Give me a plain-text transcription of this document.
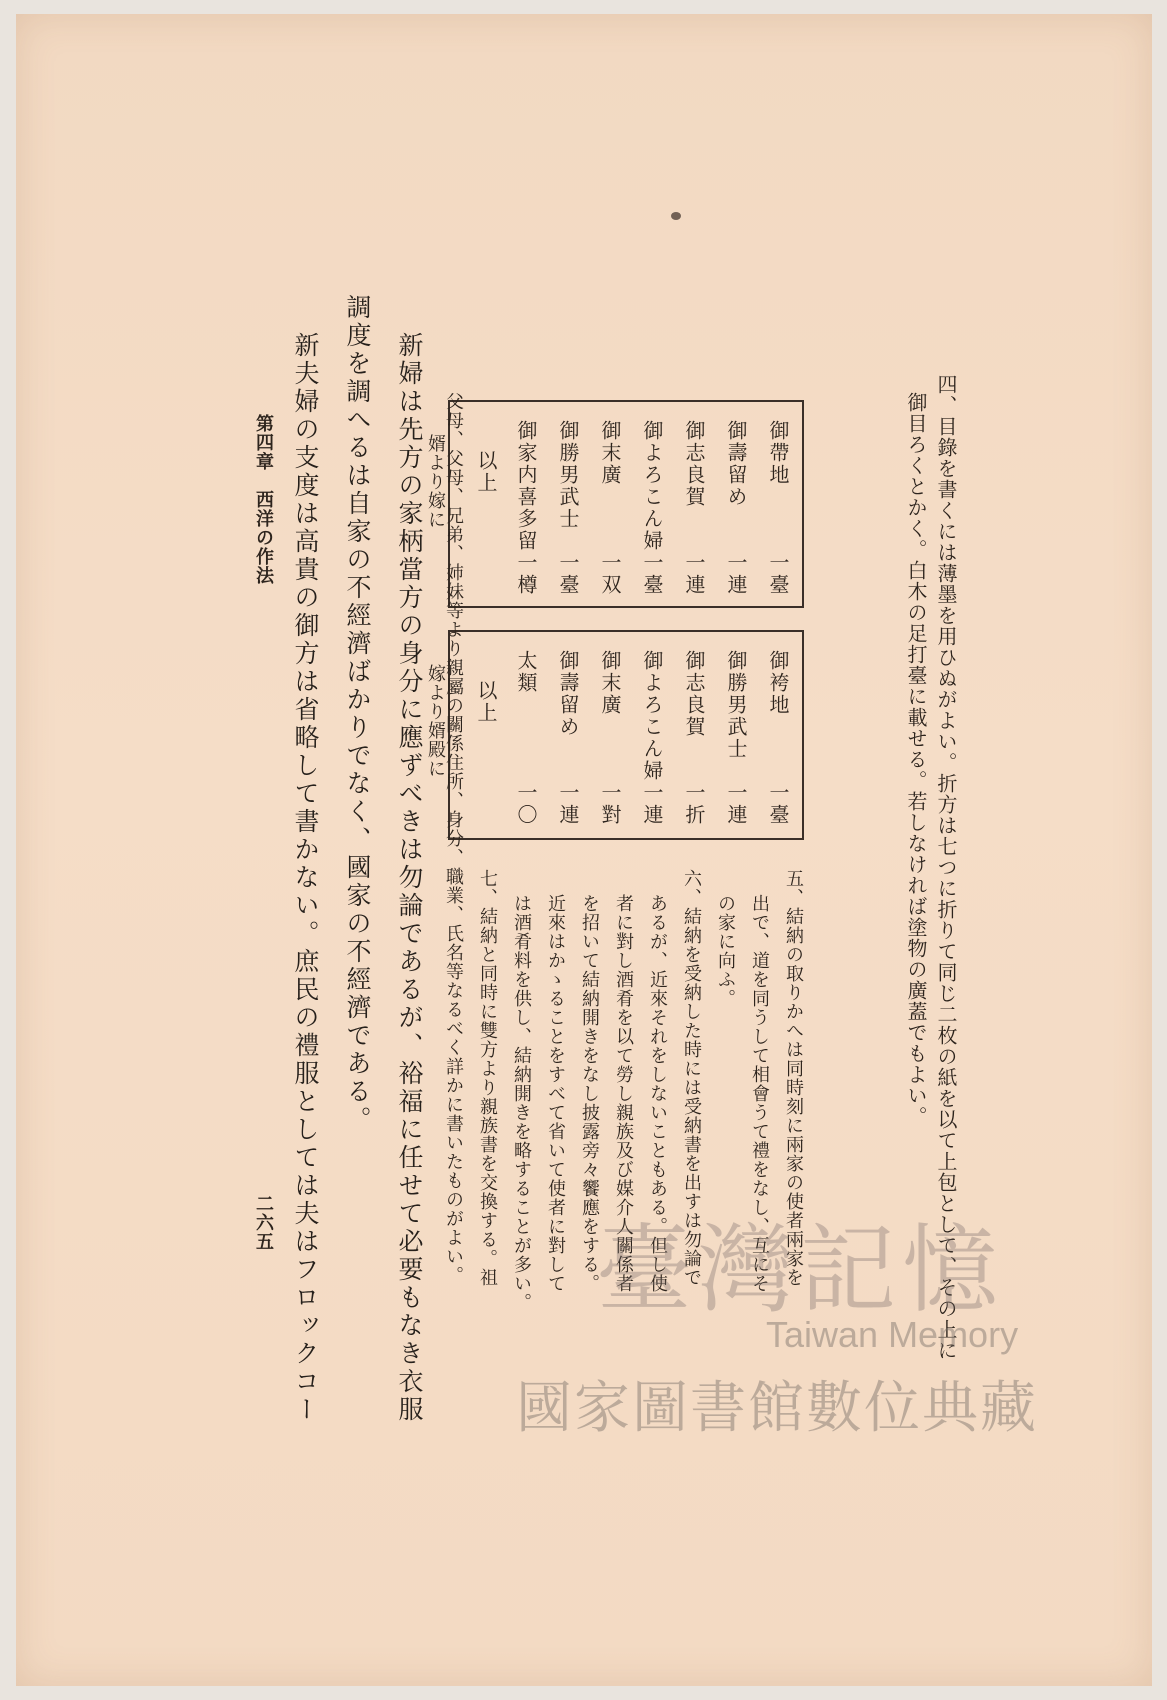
四、目錄を書くには薄墨を用ひぬがよい。折方は七つに折りて同じ二枚の紙を以て上包として、その上に
御目ろくとかく。白木の足打臺に載せる。若しなければ塗物の廣蓋でもよい。
御帶地
御壽留め
御志良賀
御よろこん婦
御末廣
御勝男武士
御家内喜多留
以上
一臺
一連
一連
一臺
一双
一臺
一樽
婿より嫁に
御袴地
御勝男武士
御志良賀
御よろこん婦
御末廣
御壽留め
太類
以上
一臺
一連
一折
一連
一對
一連
一〇
嫁より婿殿に
五、結納の取りかへは同時刻に兩家の使者兩家を
出で、道を同うして相會うて禮をなし、互にそ
の家に向ふ。
六、結納を受納した時には受納書を出すは勿論で
あるが、近來それをしないこともある。但し使
者に對し酒肴を以て勞し親族及び媒介人關係者
を招いて結納開きをなし披露旁々饗應をする。
近來はかゝることをすべて省いて使者に對して
は酒肴料を供し、結納開きを略することが多い。
七、結納と同時に雙方より親族書を交換する。祖
父母、父母、兄弟、姉妹等より親屬の關係住所、身分、職業、氏名等なるべく詳かに書いたものがよい。
新婦は先方の家柄當方の身分に應ずべきは勿論であるが、裕福に任せて必要もなき衣服
調度を調へるは自家の不經濟ばかりでなく、國家の不經濟である。
新夫婦の支度は高貴の御方は省略して書かない。庶民の禮服としては夫はフロックコー
第四章　西洋の作法
二六五	臺灣記憶
Taiwan Memory
國家圖書館數位典藏
